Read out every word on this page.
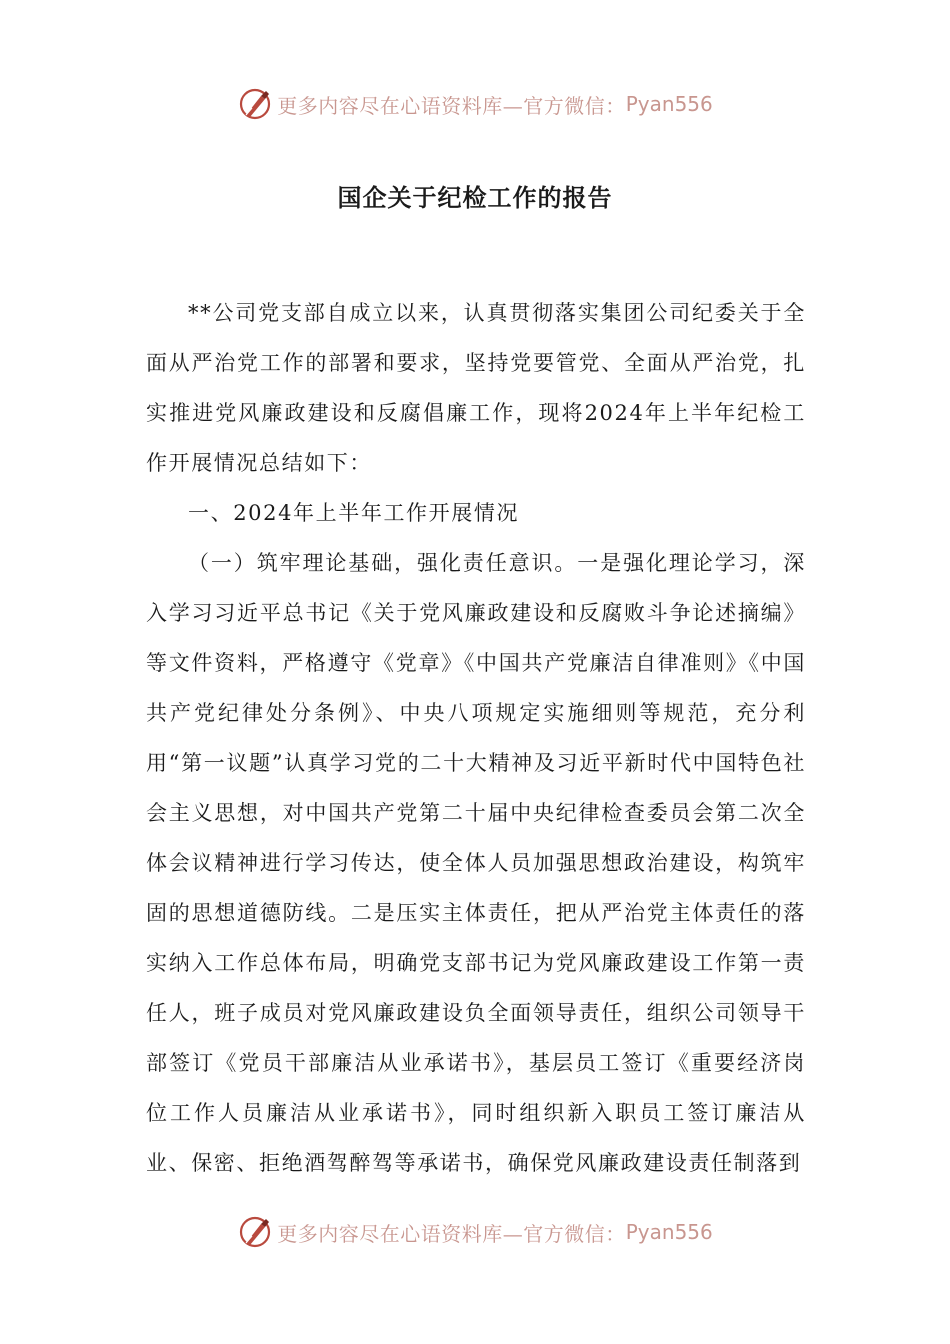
更多内容尽在心语资料库—官方微信： Pyan556
国企关于纪检工作的报告

**公司党支部自成立以来，认真贯彻落实集团公司纪委关于全面从严治党工作的部署和要求，坚持党要管党、全面从严治党，扎实推进党风廉政建设和反腐倡廉工作，现将2024年上半年纪检工作开展情况总结如下：

一、2024年上半年工作开展情况

（一）筑牢理论基础，强化责任意识。一是强化理论学习，深入学习习近平总书记《关于党风廉政建设和反腐败斗争论述摘编》等文件资料，严格遵守《党章》《中国共产党廉洁自律准则》《中国共产党纪律处分条例》、中央八项规定实施细则等规范，充分利用“第一议题”认真学习党的二十大精神及习近平新时代中国特色社会主义思想，对中国共产党第二十届中央纪律检查委员会第二次全体会议精神进行学习传达，使全体人员加强思想政治建设，构筑牢固的思想道德防线。二是压实主体责任，把从严治党主体责任的落实纳入工作总体布局，明确党支部书记为党风廉政建设工作第一责任人，班子成员对党风廉政建设负全面领导责任，组织公司领导干部签订《党员干部廉洁从业承诺书》，基层员工签订《重要经济岗位工作人员廉洁从业承诺书》，同时组织新入职员工签订廉洁从业、保密、拒绝酒驾醉驾等承诺书，确保党风廉政建设责任制落到

更多内容尽在心语资料库—官方微信： Pyan556
